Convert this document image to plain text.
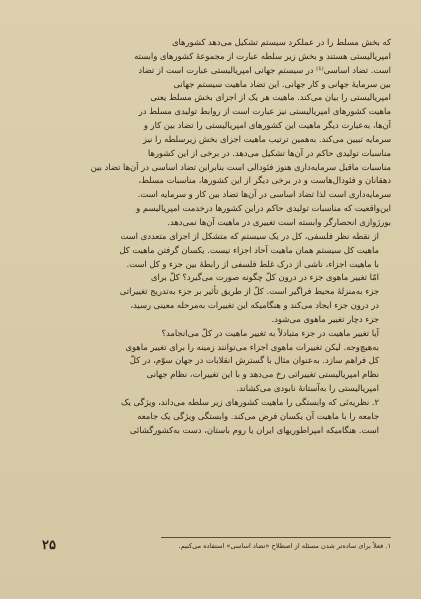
که بخش مسلط را در عملکرد سیستم تشکیل می‌دهد کشورهای
امپریالیستی هستند و بخش زیر سلطه عبارت از مجموعهٔ کشورهای وابسته
است. تضاد اساسی⁽¹⁾ در سیستم جهانی امپریالیستی عبارت است از تضاد
بین سرمایهٔ جهانی و کار جهانی. این تضاد ماهیت سیستم جهانی
امپریالیستی را بیان می‌کند. ماهیت هر یک از اجزای بخش مسلط یعنی
ماهیت کشورهای امپریالیستی نیز عبارت است از روابط تولیدی مسلط در
آن‌ها، به‌عبارت دیگر ماهیت این کشورهای امپریالیستی را تضاد بین کار و
سرمایه تبیین می‌کند. به‌همین ترتیب ماهیت اجزای بخش زیرسلطه را نیز
مناسبات تولیدی حاکم در آن‌ها تشکیل می‌دهد. در برخی از این کشورها
مناسبات ماقبل سرمایه‌داری هنوز فئودالی است بنابراین تضاد اساسی در آن‌ها تضاد بین
دهقانان و فئودال‌هاست و در برخی دیگر از این کشورها، مناسبات مسلط،
سرمایه‌داری است لذا تضاد اساسی در آن‌ها تضاد بین کار و سرمایه است.
این‌واقعیت که مناسبات تولیدی حاکم دراین کشورها درخدمت امپریالیسم و
بورژوازی انحصارگر وابسته است تغییری در ماهیت آن‌ها نمی‌دهد.

از نقطه نظر فلسفی، کل در یک سیستم که متشکل از اجزای متعددی است
ماهیت کل سیستم همان ماهیت آحاد اجزاء نیست. یکسان گرفتن ماهیت کل
با ماهیت اجزاء، ناشی از درک غلط فلسفی از رابطهٔ بین جزء و کل است.

امّا تغییر ماهوی جزء در درون کلّ چگونه صورت می‌گیرد؟ کلّ برای
جزء به‌منزلهٔ محیط فراگیر است. کلّ از طریق تأثیر بر جزء به‌تدریج تغییراتی
در درون جزء ایجاد می‌کند و هنگامیکه این تغییرات به‌مرحله معینی رسید،
جزء دچار تغییر ماهوی می‌شود.

آیا تغییر ماهیت در جزء متبادلاً به تغییر ماهیت در کلّ می‌انجامد؟
به‌هیچ‌وجه. لیکن تغییرات ماهوی اجزاء می‌توانند زمینه را برای تغییر ماهوی
کل فراهم سازد. به‌عنوان مثال با گسترش انقلابات در جهان سوّم، در کلّ
نظام امپریالیستی تغییراتی رخ می‌دهد و با این تغییرات، نظام جهانی
امپریالیستی را به‌آستانهٔ نابودی می‌کشاند.

۲. نظریه‌ئی که وابستگی را ماهیت کشورهای زیر سلطه می‌داند، ویژگی یک
جامعه را با ماهیت آن یکسان فرض می‌کند. وابستگی ویژگی یک جامعه
است. هنگامیکه امپراطوریهای ایران یا روم باستان، دست به‌کشورگشائی

۱. فعلاً برای ساده‌تر شدن مسئله از اصطلاح «تضاد اساسی» استفاده می‌کنیم.
۲۵
